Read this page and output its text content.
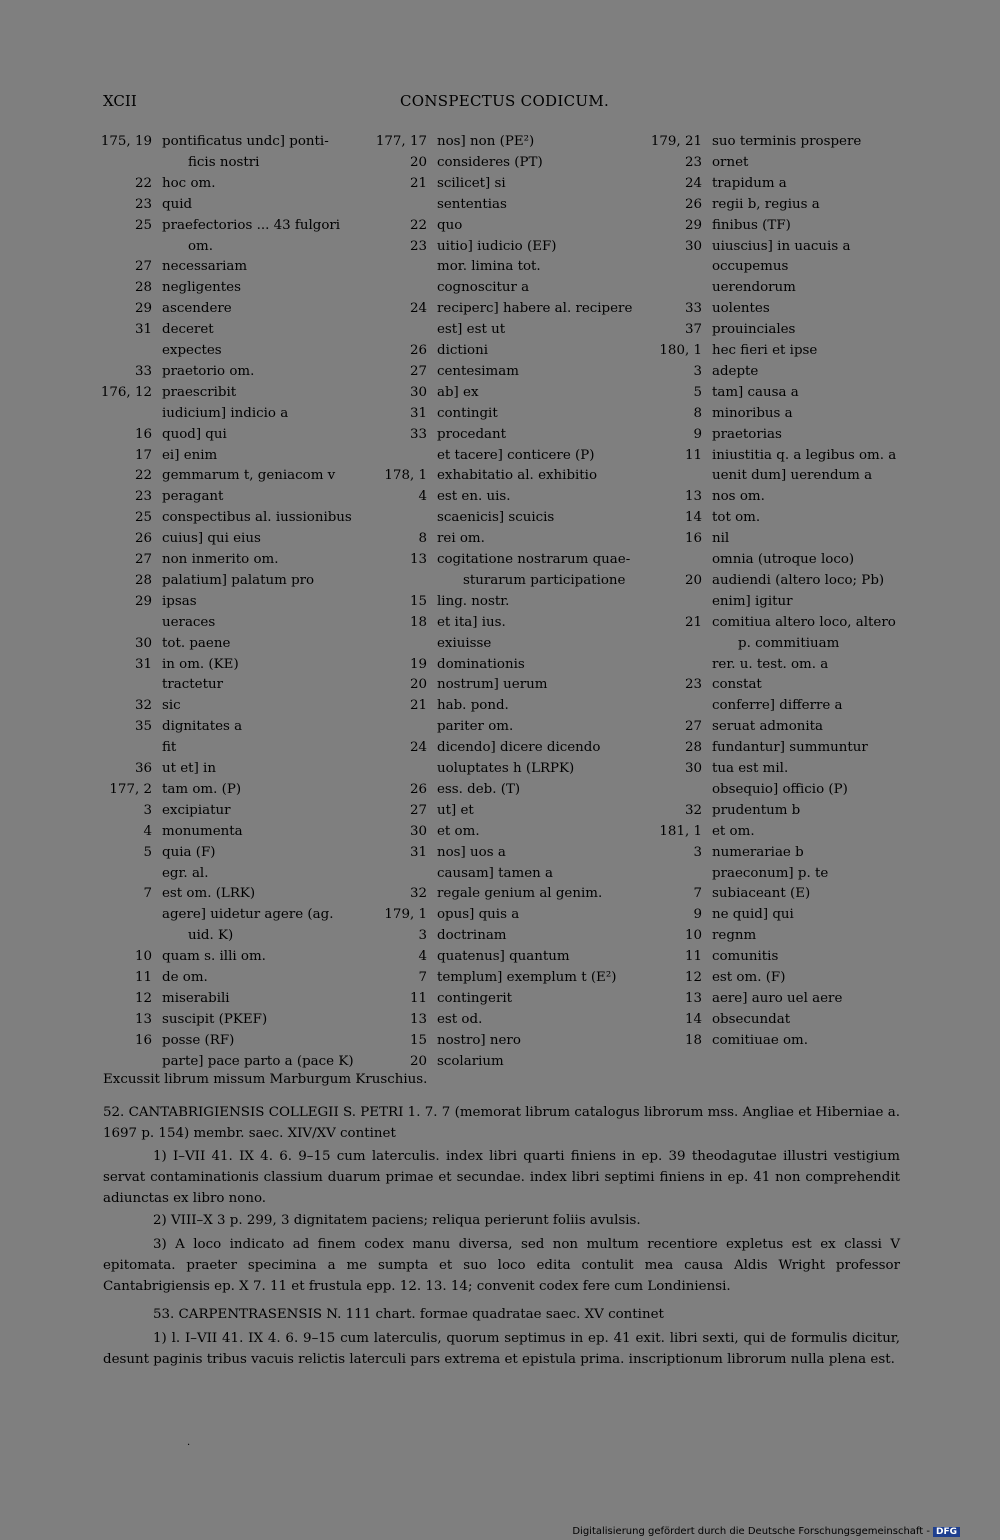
XCII	CONSPECTUS CODICUM.
175, 19 pontificatus undc] ponti-
ficis nostri
22 hoc om.
23 quid
25 praefectorios ... 43 fulgori
om.
27 necessariam
28 negligentes
29 ascendere
31 deceret
expectes
33 praetorio om.
176, 12 praescribit
iudicium] indicio a
16 quod] qui
17 ei] enim
22 gemmarum t, geniacom v
23 peragant
25 conspectibus al. iussionibus
26 cuius] qui eius
27 non inmerito om.
28 palatium] palatum pro
29 ipsas
ueraces
30 tot. paene
31 in om. (KE)
tractetur
32 sic
35 dignitates a
fit
36 ut et] in
177, 2 tam om. (P)
3 excipiatur
4 monumenta
5 quia (F)
egr. al.
7 est om. (LRK)
agere] uidetur agere (ag.
uid. K)
10 quam s. illi om.
11 de om.
12 miserabili
13 suscipit (PKEF)
16 posse (RF)
parte] pace parto a (pace K)
177, 17 nos] non (PE²)
20 consideres (PT)
21 scilicet] si
sententias
22 quo
23 uitio] iudicio (EF)
mor. limina tot.
cognoscitur a
24 reciperc] habere al. recipere
est] est ut
26 dictioni
27 centesimam
30 ab] ex
31 contingit
33 procedant
et tacere] conticere (P)
178, 1 exhabitatio al. exhibitio
4 est en. uis.
scaenicis] scuicis
8 rei om.
13 cogitatione nostrarum quae-
sturarum participatione
15 ling. nostr.
18 et ita] ius.
exiuisse
19 dominationis
20 nostrum] uerum
21 hab. pond.
pariter om.
24 dicendo] dicere dicendo
uoluptates h (LRPK)
26 ess. deb. (T)
27 ut] et
30 et om.
31 nos] uos a
causam] tamen a
32 regale genium al genim.
179, 1 opus] quis a
3 doctrinam
4 quatenus] quantum
7 templum] exemplum t (E²)
11 contingerit
13 est od.
15 nostro] nero
20 scolarium
179, 21 suo terminis prospere
23 ornet
24 trapidum a
26 regii b, regius a
29 finibus (TF)
30 uiuscius] in uacuis a
occupemus
uerendorum
33 uolentes
37 prouinciales
180, 1 hec fieri et ipse
3 adepte
5 tam] causa a
8 minoribus a
9 praetorias
11 iniustitia q. a legibus om. a
uenit dum] uerendum a
13 nos om.
14 tot om.
16 nil
omnia (utroque loco)
20 audiendi (altero loco; Pb)
enim] igitur
21 comitiua altero loco, altero
p. commitiuam
rer. u. test. om. a
23 constat
conferre] differre a
27 seruat admonita
28 fundantur] summuntur
30 tua est mil.
obsequio] officio (P)
32 prudentum b
181, 1 et om.
3 numerariae b
praeconum] p. te
7 subiaceant (E)
9 ne quid] qui
10 regnm
11 comunitis
12 est om. (F)
13 aere] auro uel aere
14 obsecundat
18 comitiuae om.
Excussit librum missum Marburgum Kruschius.
52. CANTABRIGIENSIS COLLEGII S. PETRI 1. 7. 7 (memorat librum catalogus librorum mss. Angliae et Hiberniae a. 1697 p. 154) membr. saec. XIV/XV continet
1) I–VII 41. IX 4. 6. 9–15 cum laterculis. index libri quarti finiens in ep. 39 theodagutae illustri vestigium servat contaminationis classium duarum primae et secundae. index libri septimi finiens in ep. 41 non comprehendit adiunctas ex libro nono.
2) VIII–X 3 p. 299, 3 dignitatem paciens; reliqua perierunt foliis avulsis.
3) A loco indicato ad finem codex manu diversa, sed non multum recentiore expletus est ex classi V epitomata. praeter specimina a me sumpta et suo loco edita contulit mea causa Aldis Wright professor Cantabrigiensis ep. X 7. 11 et frustula epp. 12. 13. 14; convenit codex fere cum Londiniensi.
53. CARPENTRASENSIS N. 111 chart. formae quadratae saec. XV continet
1) l. I–VII 41. IX 4. 6. 9–15 cum laterculis, quorum septimus in ep. 41 exit. libri sexti, qui de formulis dicitur, desunt paginis tribus vacuis relictis laterculi pars extrema et epistula prima. inscriptionum librorum nulla plena est.
·
Digitalisierung gefördert durch die Deutsche Forschungsgemeinschaft - DFG
